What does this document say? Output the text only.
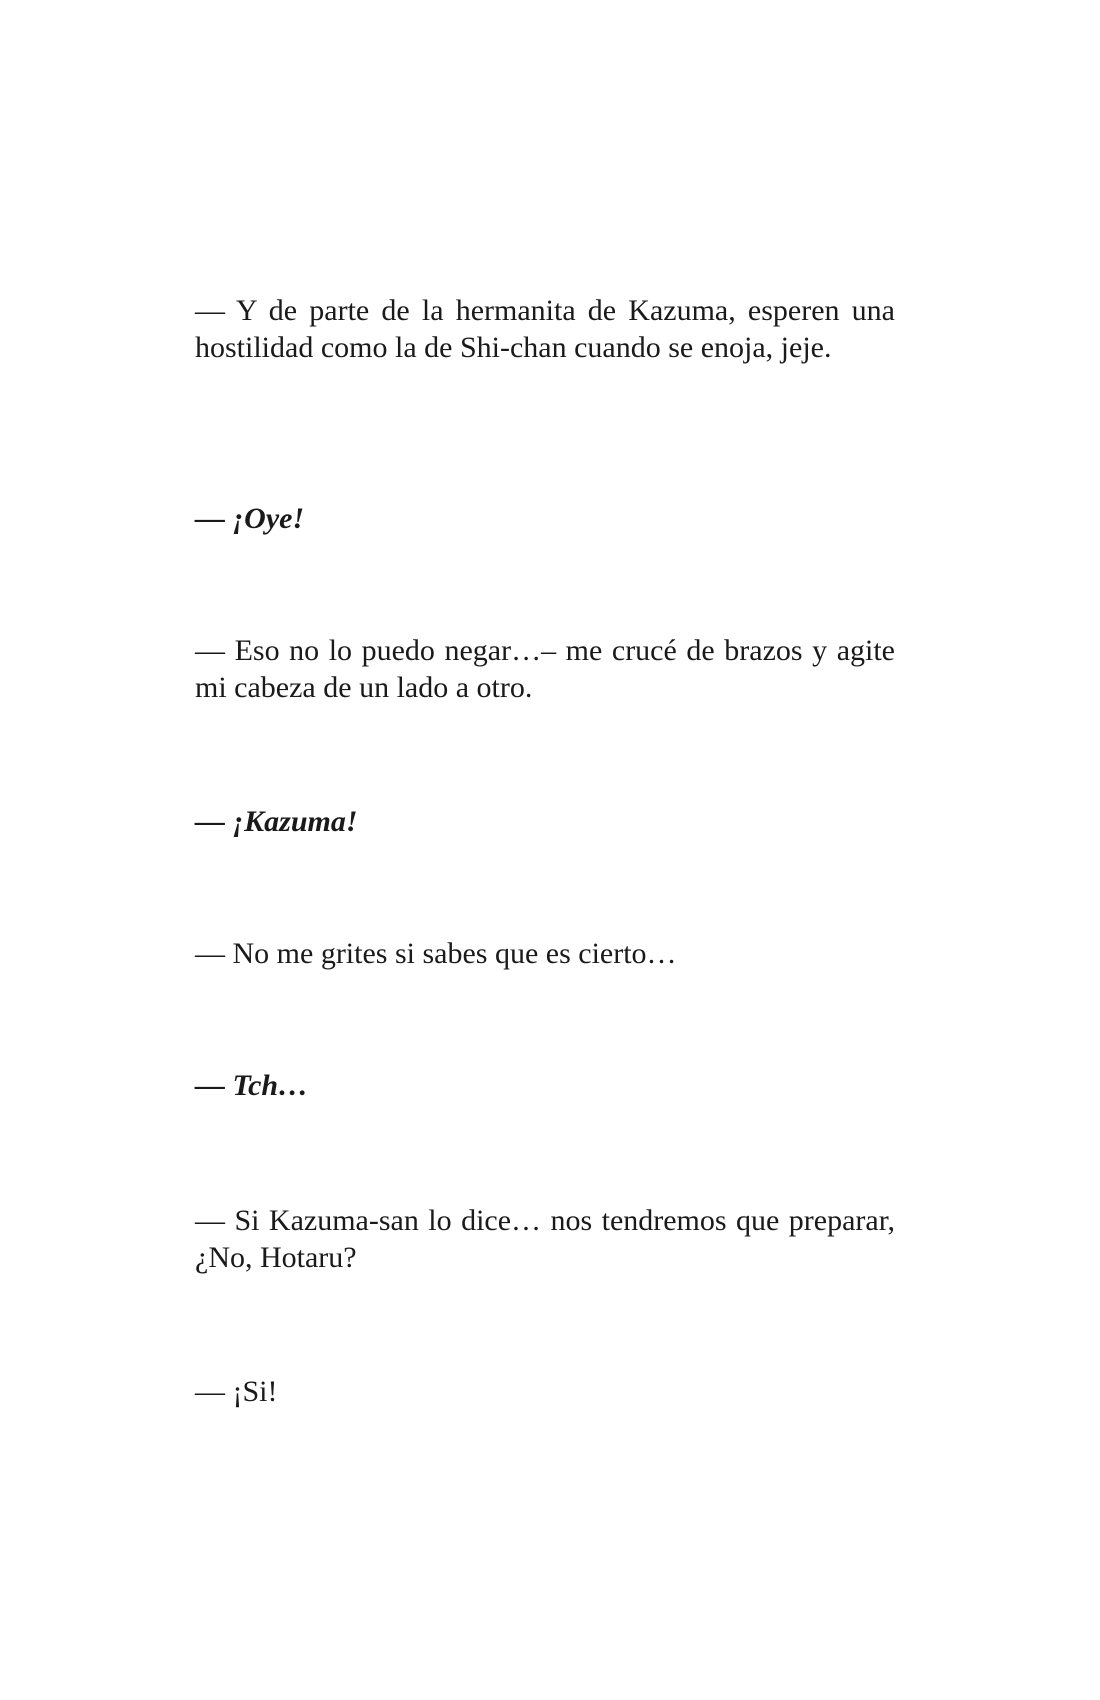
— Y de parte de la hermanita de Kazuma, esperen una hostilidad como la de Shi-chan cuando se enoja, jeje.

— ¡Oye!

— Eso no lo puedo negar…– me crucé de brazos y agite mi cabeza de un lado a otro.

— ¡Kazuma!

— No me grites si sabes que es cierto…

— Tch…

— Si Kazuma-san lo dice… nos tendremos que preparar, ¿No, Hotaru?

— ¡Si!
